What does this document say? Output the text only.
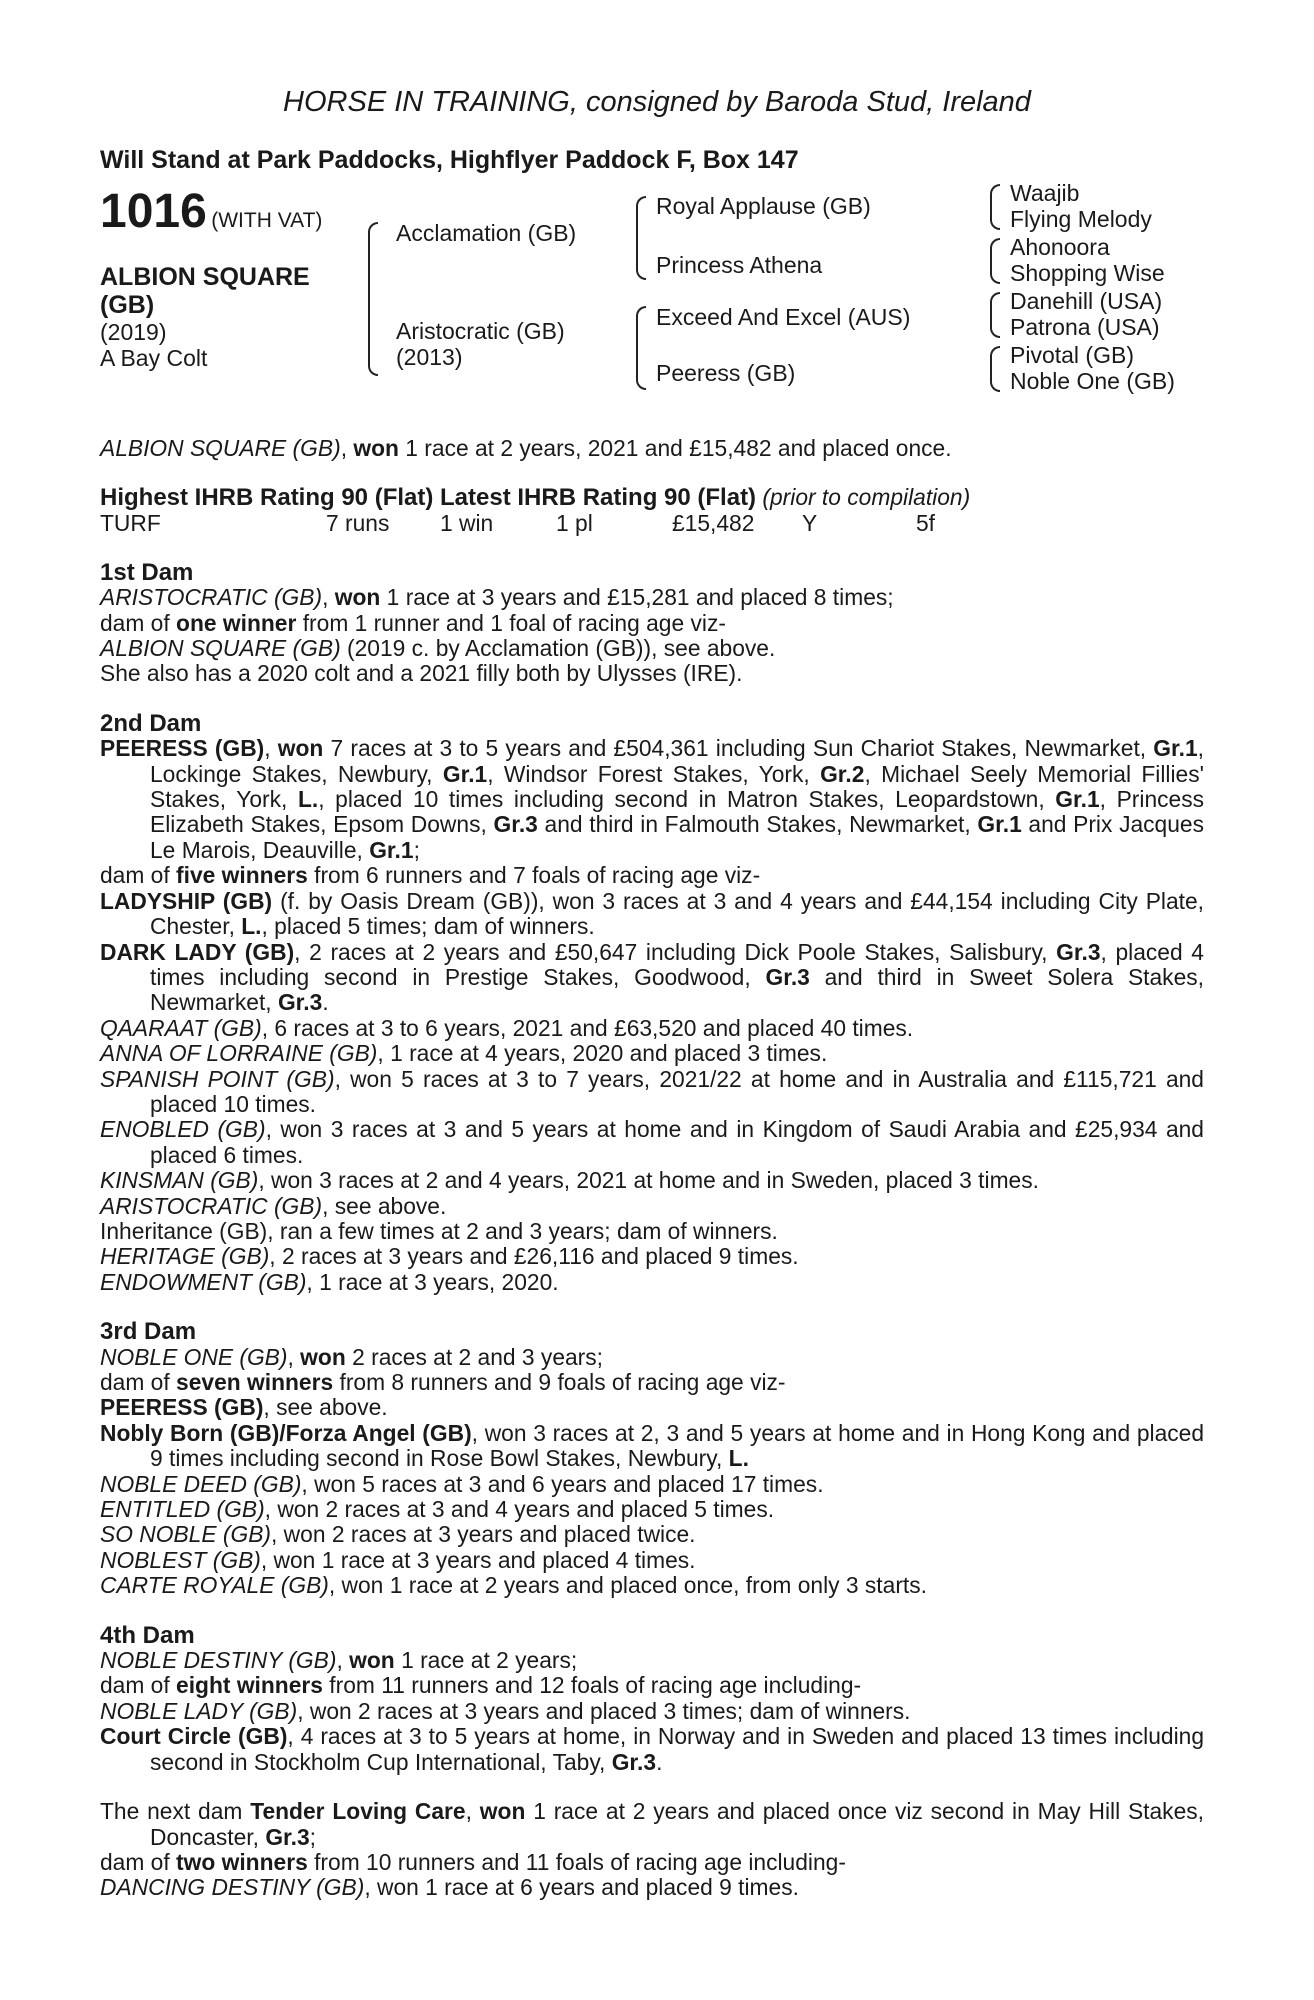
HORSE IN TRAINING, consigned by Baroda Stud, Ireland
Will Stand at Park Paddocks, Highflyer Paddock F, Box 147
1016 (WITH VAT)
ALBION SQUARE
(GB)
(2019)
A Bay Colt
Acclamation (GB)
Aristocratic (GB)
(2013)
Royal Applause (GB)
Princess Athena
Exceed And Excel (AUS)
Peeress (GB)
Waajib
Flying Melody
Ahonoora
Shopping Wise
Danehill (USA)
Patrona (USA)
Pivotal (GB)
Noble One (GB)

ALBION SQUARE (GB), won 1 race at 2 years, 2021 and £15,482 and placed once.

Highest IHRB Rating 90 (Flat) Latest IHRB Rating 90 (Flat) (prior to compilation)

TURF	7 runs 1 win	1 pl	£15,482 Y	5f

1st Dam

ARISTOCRATIC (GB), won 1 race at 3 years and £15,281 and placed 8 times;

dam of one winner from 1 runner and 1 foal of racing age viz-

ALBION SQUARE (GB) (2019 c. by Acclamation (GB)), see above.

She also has a 2020 colt and a 2021 filly both by Ulysses (IRE).

2nd Dam

PEERESS (GB), won 7 races at 3 to 5 years and £504,361 including Sun Chariot Stakes, Newmarket, Gr.1, Lockinge Stakes, Newbury, Gr.1, Windsor Forest Stakes, York, Gr.2, Michael Seely Memorial Fillies' Stakes, York, L., placed 10 times including second in Matron Stakes, Leopardstown, Gr.1, Princess Elizabeth Stakes, Epsom Downs, Gr.3 and third in Falmouth Stakes, Newmarket, Gr.1 and Prix Jacques Le Marois, Deauville, Gr.1;

dam of five winners from 6 runners and 7 foals of racing age viz-

LADYSHIP (GB) (f. by Oasis Dream (GB)), won 3 races at 3 and 4 years and £44,154 including City Plate, Chester, L., placed 5 times; dam of winners.

DARK LADY (GB), 2 races at 2 years and £50,647 including Dick Poole Stakes, Salisbury, Gr.3, placed 4 times including second in Prestige Stakes, Goodwood, Gr.3 and third in Sweet Solera Stakes, Newmarket, Gr.3.

QAARAAT (GB), 6 races at 3 to 6 years, 2021 and £63,520 and placed 40 times.

ANNA OF LORRAINE (GB), 1 race at 4 years, 2020 and placed 3 times.

SPANISH POINT (GB), won 5 races at 3 to 7 years, 2021/22 at home and in Australia and £115,721 and placed 10 times.

ENOBLED (GB), won 3 races at 3 and 5 years at home and in Kingdom of Saudi Arabia and £25,934 and placed 6 times.

KINSMAN (GB), won 3 races at 2 and 4 years, 2021 at home and in Sweden, placed 3 times.

ARISTOCRATIC (GB), see above.

Inheritance (GB), ran a few times at 2 and 3 years; dam of winners.

HERITAGE (GB), 2 races at 3 years and £26,116 and placed 9 times.

ENDOWMENT (GB), 1 race at 3 years, 2020.

3rd Dam

NOBLE ONE (GB), won 2 races at 2 and 3 years;

dam of seven winners from 8 runners and 9 foals of racing age viz-

PEERESS (GB), see above.

Nobly Born (GB)/Forza Angel (GB), won 3 races at 2, 3 and 5 years at home and in Hong Kong and placed 9 times including second in Rose Bowl Stakes, Newbury, L.

NOBLE DEED (GB), won 5 races at 3 and 6 years and placed 17 times.

ENTITLED (GB), won 2 races at 3 and 4 years and placed 5 times.

SO NOBLE (GB), won 2 races at 3 years and placed twice.

NOBLEST (GB), won 1 race at 3 years and placed 4 times.

CARTE ROYALE (GB), won 1 race at 2 years and placed once, from only 3 starts.

4th Dam

NOBLE DESTINY (GB), won 1 race at 2 years;

dam of eight winners from 11 runners and 12 foals of racing age including-

NOBLE LADY (GB), won 2 races at 3 years and placed 3 times; dam of winners.

Court Circle (GB), 4 races at 3 to 5 years at home, in Norway and in Sweden and placed 13 times including second in Stockholm Cup International, Taby, Gr.3.

The next dam Tender Loving Care, won 1 race at 2 years and placed once viz second in May Hill Stakes, Doncaster, Gr.3;

dam of two winners from 10 runners and 11 foals of racing age including-

DANCING DESTINY (GB), won 1 race at 6 years and placed 9 times.
